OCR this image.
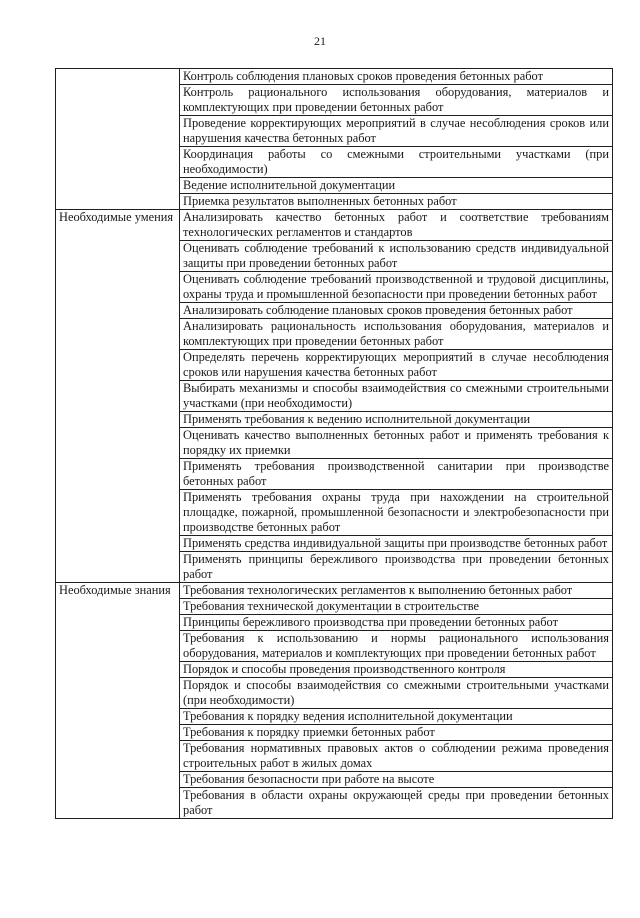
21
	Контроль соблюдения плановых сроков проведения бетонных работ
	Контроль рационального использования оборудования, материалов и комплектующих при проведении бетонных работ
	Проведение корректирующих мероприятий в случае несоблюдения сроков или нарушения качества бетонных работ
	Координация работы со смежными строительными участками (при необходимости)
	Ведение исполнительной документации
	Приемка результатов выполненных бетонных работ
Необходимые умения	Анализировать качество бетонных работ и соответствие требованиям технологических регламентов и стандартов
	Оценивать соблюдение требований к использованию средств индивидуальной защиты при проведении бетонных работ
	Оценивать соблюдение требований производственной и трудовой дисциплины, охраны труда и промышленной безопасности при проведении бетонных работ
	Анализировать соблюдение плановых сроков проведения бетонных работ
	Анализировать рациональность использования оборудования, материалов и комплектующих при проведении бетонных работ
	Определять перечень корректирующих мероприятий в случае несоблюдения сроков или нарушения качества бетонных работ
	Выбирать механизмы и способы взаимодействия со смежными строительными участками (при необходимости)
	Применять требования к ведению исполнительной документации
	Оценивать качество выполненных бетонных работ и применять требования к порядку их приемки
	Применять требования производственной санитарии при производстве бетонных работ
	Применять требования охраны труда при нахождении на строительной площадке, пожарной, промышленной безопасности и электробезопасности при производстве бетонных работ
	Применять средства индивидуальной защиты при производстве бетонных работ
	Применять принципы бережливого производства при проведении бетонных работ
Необходимые знания	Требования технологических регламентов к выполнению бетонных работ
	Требования технической документации в строительстве
	Принципы бережливого производства при проведении бетонных работ
	Требования к использованию и нормы рационального использования оборудования, материалов и комплектующих при проведении бетонных работ
	Порядок и способы проведения производственного контроля
	Порядок и способы взаимодействия со смежными строительными участками (при необходимости)
	Требования к порядку ведения исполнительной документации
	Требования к порядку приемки бетонных работ
	Требования нормативных правовых актов о соблюдении режима проведения строительных работ в жилых домах
	Требования безопасности при работе на высоте
	Требования в области охраны окружающей среды при проведении бетонных работ
